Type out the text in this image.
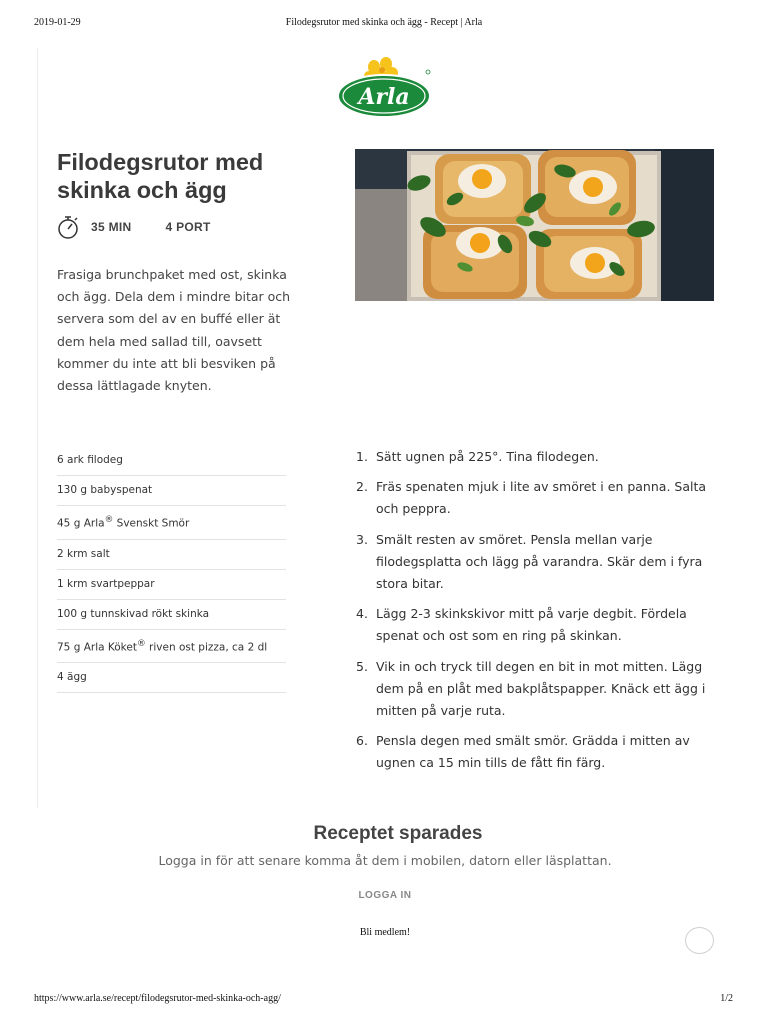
2019-01-29	Filodegsrutor med skinka och ägg - Recept | Arla
Arla
Filodegsrutor med
skinka och ägg
35 MIN	4 PORT

Frasiga brunchpaket med ost, skinka och ägg. Dela dem i mindre bitar och servera som del av en buffé eller ät dem hela med sallad till, oavsett kommer du inte att bli besviken på dessa lättlagade knyten.

6 ark filodeg
130 g babyspenat
45 g Arla® Svenskt Smör
2 krm salt
1 krm svartpeppar
100 g tunnskivad rökt skinka
75 g Arla Köket® riven ost pizza, ca 2 dl
4 ägg
1. Sätt ugnen på 225°. Tina filodegen.
2. Fräs spenaten mjuk i lite av smöret i en panna. Salta och peppra.
3. Smält resten av smöret. Pensla mellan varje filodegsplatta och lägg på varandra. Skär dem i fyra stora bitar.
4. Lägg 2-3 skinkskivor mitt på varje degbit. Fördela spenat och ost som en ring på skinkan.
5. Vik in och tryck till degen en bit in mot mitten. Lägg dem på en plåt med bakplåtspapper. Knäck ett ägg i mitten på varje ruta.
6. Pensla degen med smält smör. Grädda i mitten av ugnen ca 15 min tills de fått fin färg.
Receptet sparades

Logga in för att senare komma åt dem i mobilen, datorn eller läsplattan.

LOGGA IN
Bli medlem!
https://www.arla.se/recept/filodegsrutor-med-skinka-och-agg/	1/2
